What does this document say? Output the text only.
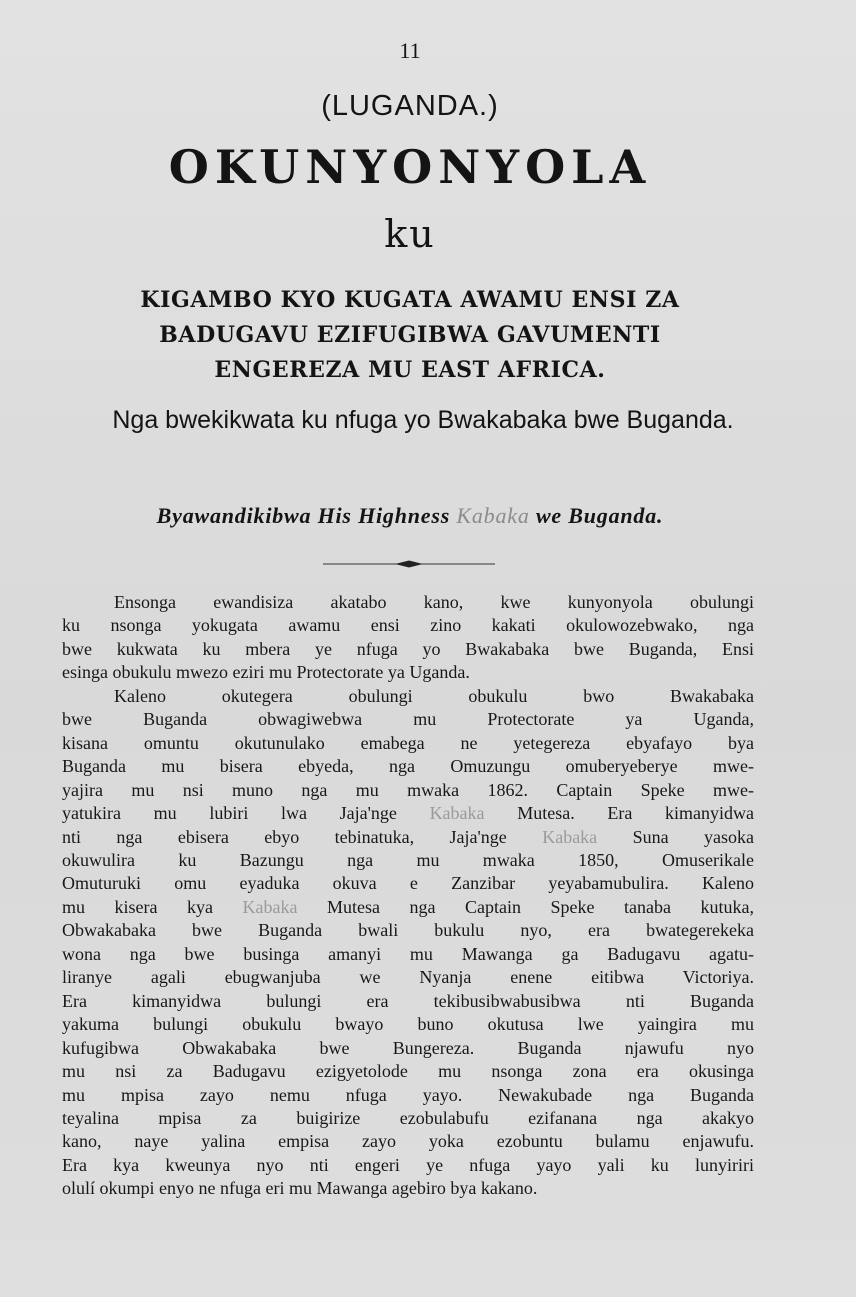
11
(LUGANDA.)
OKUNYONYOLA
ku
KIGAMBO KYO KUGATA AWAMU ENSI ZA
BADUGAVU EZIFUGIBWA GAVUMENTI
ENGEREZA MU EAST AFRICA.
Nga bwekikwata ku nfuga yo Bwakabaka bwe Buganda.
Byawandikibwa His Highness Kabaka we Buganda.
Ensonga ewandisiza akatabo kano, kwe kunyonyola obulungi
ku nsonga yokugata awamu ensi zino kakati okulowozebwako, nga
bwe kukwata ku mbera ye nfuga yo Bwakabaka bwe Buganda, Ensi
esinga obukulu mwezo eziri mu Protectorate ya Uganda.
Kaleno okutegera obulungi obukulu bwo Bwakabaka
bwe Buganda obwagiwebwa mu Protectorate ya Uganda,
kisana omuntu okutunulako emabega ne yetegereza ebyafayo bya
Buganda mu bisera ebyeda, nga Omuzungu omuberyeberye mwe-
yajira mu nsi muno nga mu mwaka 1862. Captain Speke mwe-
yatukira mu lubiri lwa Jaja'nge Kabaka Mutesa. Era kimanyidwa
nti nga ebisera ebyo tebinatuka, Jaja'nge Kabaka Suna yasoka
okuwulira ku Bazungu nga mu mwaka 1850, Omuserikale
Omuturuki omu eyaduka okuva e Zanzibar yeyabamubulira. Kaleno
mu kisera kya Kabaka Mutesa nga Captain Speke tanaba kutuka,
Obwakabaka bwe Buganda bwali bukulu nyo, era bwategerekeka
wona nga bwe businga amanyi mu Mawanga ga Badugavu agatu-
liranye agali ebugwanjuba we Nyanja enene eitibwa Victoriya.
Era kimanyidwa bulungi era tekibusibwabusibwa nti Buganda
yakuma bulungi obukulu bwayo buno okutusa lwe yaingira mu
kufugibwa Obwakabaka bwe Bungereza. Buganda njawufu nyo
mu nsi za Badugavu ezigyetolode mu nsonga zona era okusinga
mu mpisa zayo nemu nfuga yayo. Newakubade nga Buganda
teyalina mpisa za buigirize ezobulabufu ezifanana nga akakyo
kano, naye yalina empisa zayo yoka ezobuntu bulamu enjawufu.
Era kya kweunya nyo nti engeri ye nfuga yayo yali ku lunyiriri
olulí okumpi enyo ne nfuga eri mu Mawanga agebiro bya kakano.
